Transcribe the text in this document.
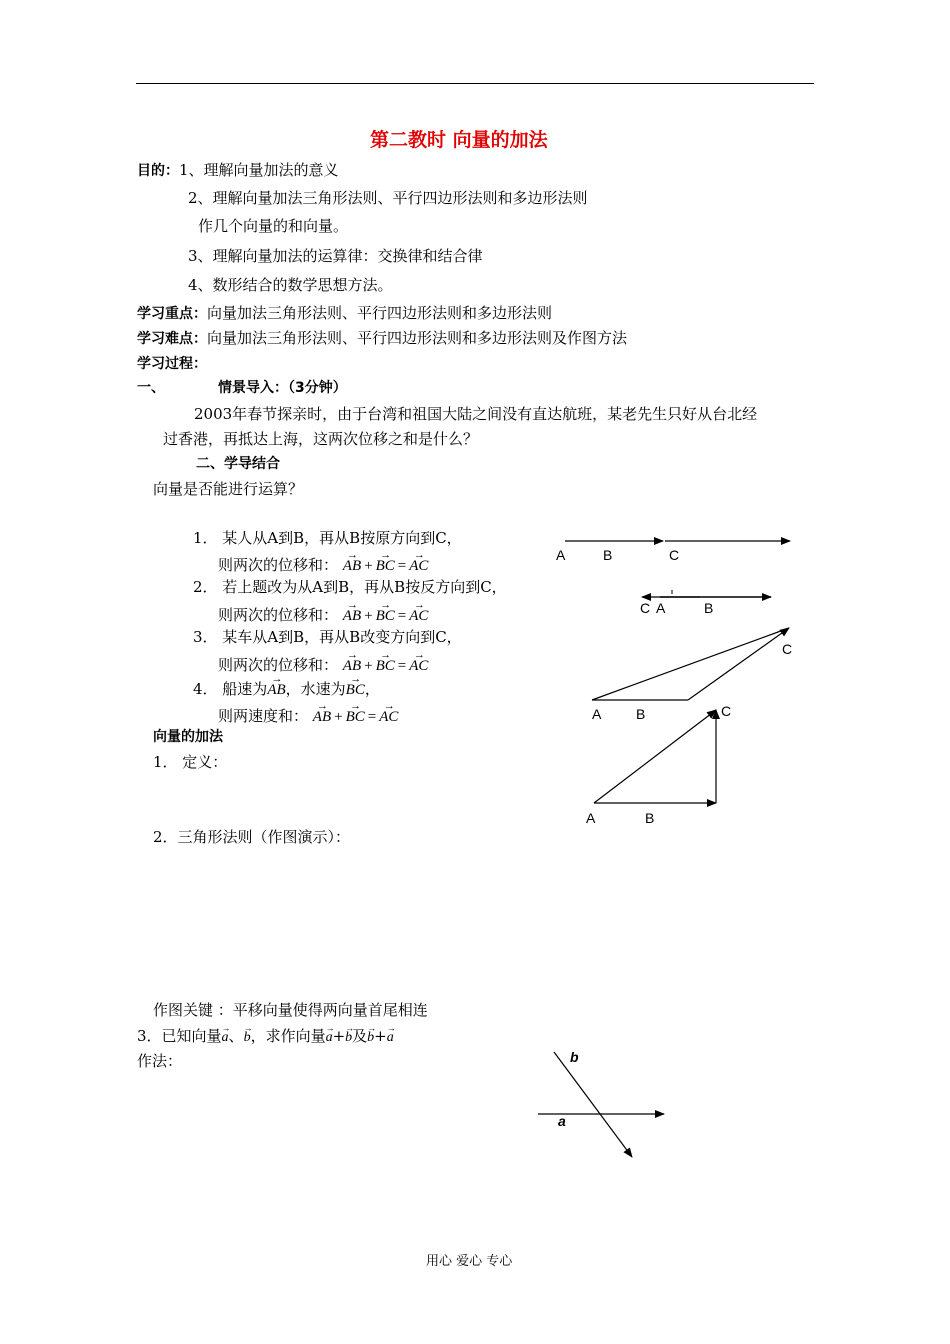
第二教时 向量的加法
目的：1、理解向量加法的意义
2、理解向量加法三角形法则、平行四边形法则和多边形法则
作几个向量的和向量。
3、理解向量加法的运算律：交换律和结合律
4、数形结合的数学思想方法。
学习重点：向量加法三角形法则、平行四边形法则和多边形法则
学习难点：向量加法三角形法则、平行四边形法则和多边形法则及作图方法
学习过程：
一、	情景导入：（3分钟）
2003年春节探亲时，由于台湾和祖国大陆之间没有直达航班，某老先生只好从台北经
过香港，再抵达上海，这两次位移之和是什么？
二、学导结合
向量是否能进行运算？
1． 某人从A到B，再从B按原方向到C，
则两次的位移和： → AB + → BC = → AC
2． 若上题改为从A到B，再从B按反方向到C，
则两次的位移和： → AB + → BC = → AC
3． 某车从A到B，再从B改变方向到C，
则两次的位移和： → AB + → BC = → AC
4． 船速为→ AB，水速为→ BC，
则两速度和： → AB + → BC = → AC
向量的加法
1． 定义：
2．三角形法则（作图演示）：
作图关键 ：平移向量使得两向量首尾相连
3．已知向量→ a、→ b，求作向量→ a+→ b及→ b+→ a
作法：
A	B	C
C A	B
C
A B	C
A	B
b
a
用心 爱心 专心
